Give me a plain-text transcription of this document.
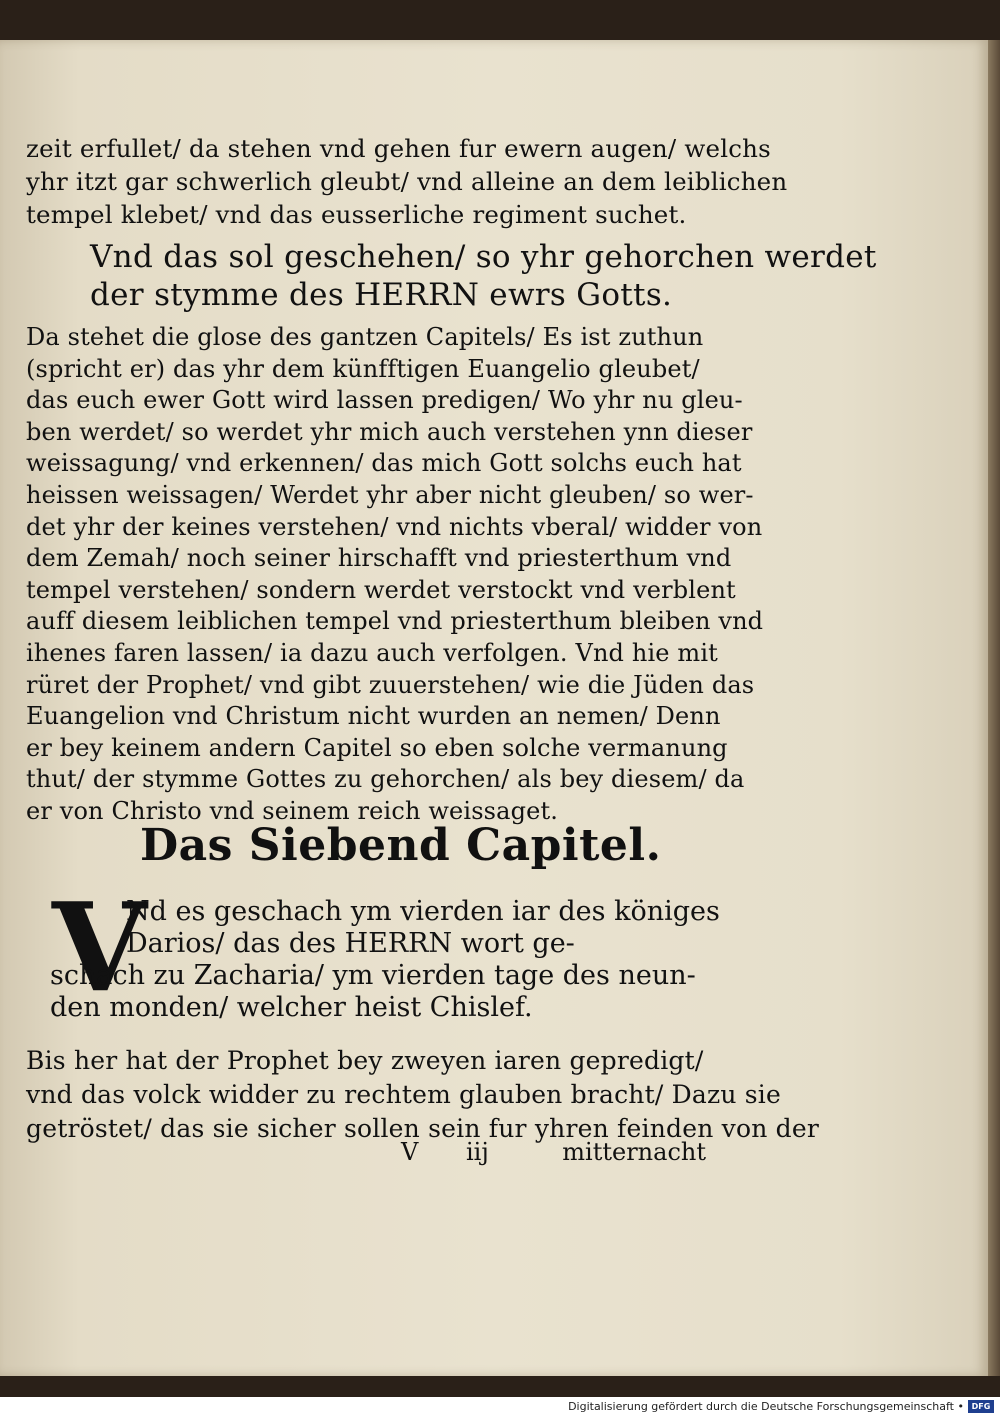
zeit erfullet/ da stehen vnd gehen fur ewern augen/ welchs
yhr itzt gar schwerlich gleubt/ vnd alleine an dem leiblichen
tempel klebet/ vnd das eusserliche regiment suchet.
Vnd das sol geschehen/ so yhr gehorchen werdet
der stymme des HERRN ewrs Gotts.
Da stehet die glose des gantzen Capitels/ Es ist zuthun
(spricht er) das yhr dem künfftigen Euangelio gleubet/
das euch ewer Gott wird lassen predigen/ Wo yhr nu gleu-
ben werdet/ so werdet yhr mich auch verstehen ynn dieser
weissagung/ vnd erkennen/ das mich Gott solchs euch hat
heissen weissagen/ Werdet yhr aber nicht gleuben/ so wer-
det yhr der keines verstehen/ vnd nichts vberal/ widder von
dem Zemah/ noch seiner hirschafft vnd priesterthum vnd
tempel verstehen/ sondern werdet verstockt vnd verblent
auff diesem leiblichen tempel vnd priesterthum bleiben vnd
ihenes faren lassen/ ia dazu auch verfolgen. Vnd hie mit
rüret der Prophet/ vnd gibt zuuerstehen/ wie die Jüden das
Euangelion vnd Christum nicht wurden an nemen/ Denn
er bey keinem andern Capitel so eben solche vermanung
thut/ der stymme Gottes zu gehorchen/ als bey diesem/ da
er von Christo vnd seinem reich weissaget.
Das Siebend Capitel.
V
Nd es geschach ym vierden iar des königes
Darios/ das des HERRN wort ge-
schach zu Zacharia/ ym vierden tage des neun-
den monden/ welcher heist Chislef.
Bis her hat der Prophet bey zweyen iaren gepredigt/
vnd das volck widder zu rechtem glauben bracht/ Dazu sie
getröstet/ das sie sicher sollen sein fur yhren feinden von der
V iij	mitternacht
Digitalisierung gefördert durch die Deutsche Forschungsgemeinschaft • DFG
